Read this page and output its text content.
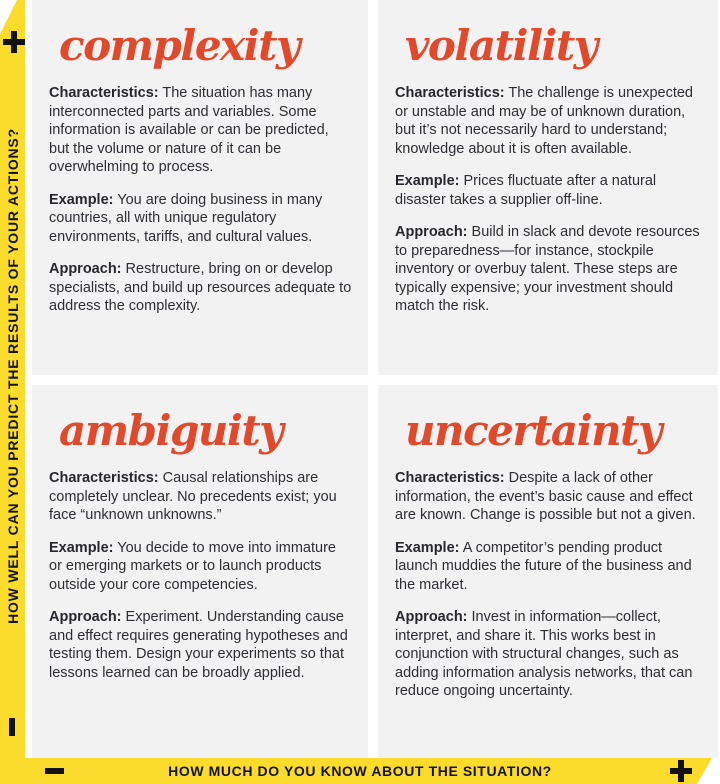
complexity

Characteristics: The situation has many interconnected parts and variables. Some information is available or can be predicted, but the volume or nature of it can be overwhelming to process.

Example: You are doing business in many countries, all with unique regulatory environments, tariffs, and cultural values.

Approach: Restructure, bring on or develop specialists, and build up resources adequate to address the complexity.

volatility

Characteristics: The challenge is unexpected or unstable and may be of unknown duration, but it’s not necessarily hard to understand; knowledge about it is often available.

Example: Prices fluctuate after a natural disaster takes a supplier off-line.

Approach: Build in slack and devote resources to preparedness—for instance, stockpile inventory or overbuy talent. These steps are typically expensive; your investment should match the risk.

ambiguity

Characteristics: Causal relationships are completely unclear. No precedents exist; you face “unknown unknowns.”

Example: You decide to move into immature or emerging markets or to launch products outside your core competencies.

Approach: Experiment. Understanding cause and effect requires generating hypotheses and testing them. Design your experiments so that lessons learned can be broadly applied.

uncertainty

Characteristics: Despite a lack of other information, the event’s basic cause and effect are known. Change is possible but not a given.

Example: A competitor’s pending product launch muddies the future of the business and the market.

Approach: Invest in information—collect, interpret, and share it. This works best in conjunction with structural changes, such as adding information analysis networks, that can reduce ongoing uncertainty.

HOW WELL CAN YOU PREDICT THE RESULTS OF YOUR ACTIONS?
HOW MUCH DO YOU KNOW ABOUT THE SITUATION?
